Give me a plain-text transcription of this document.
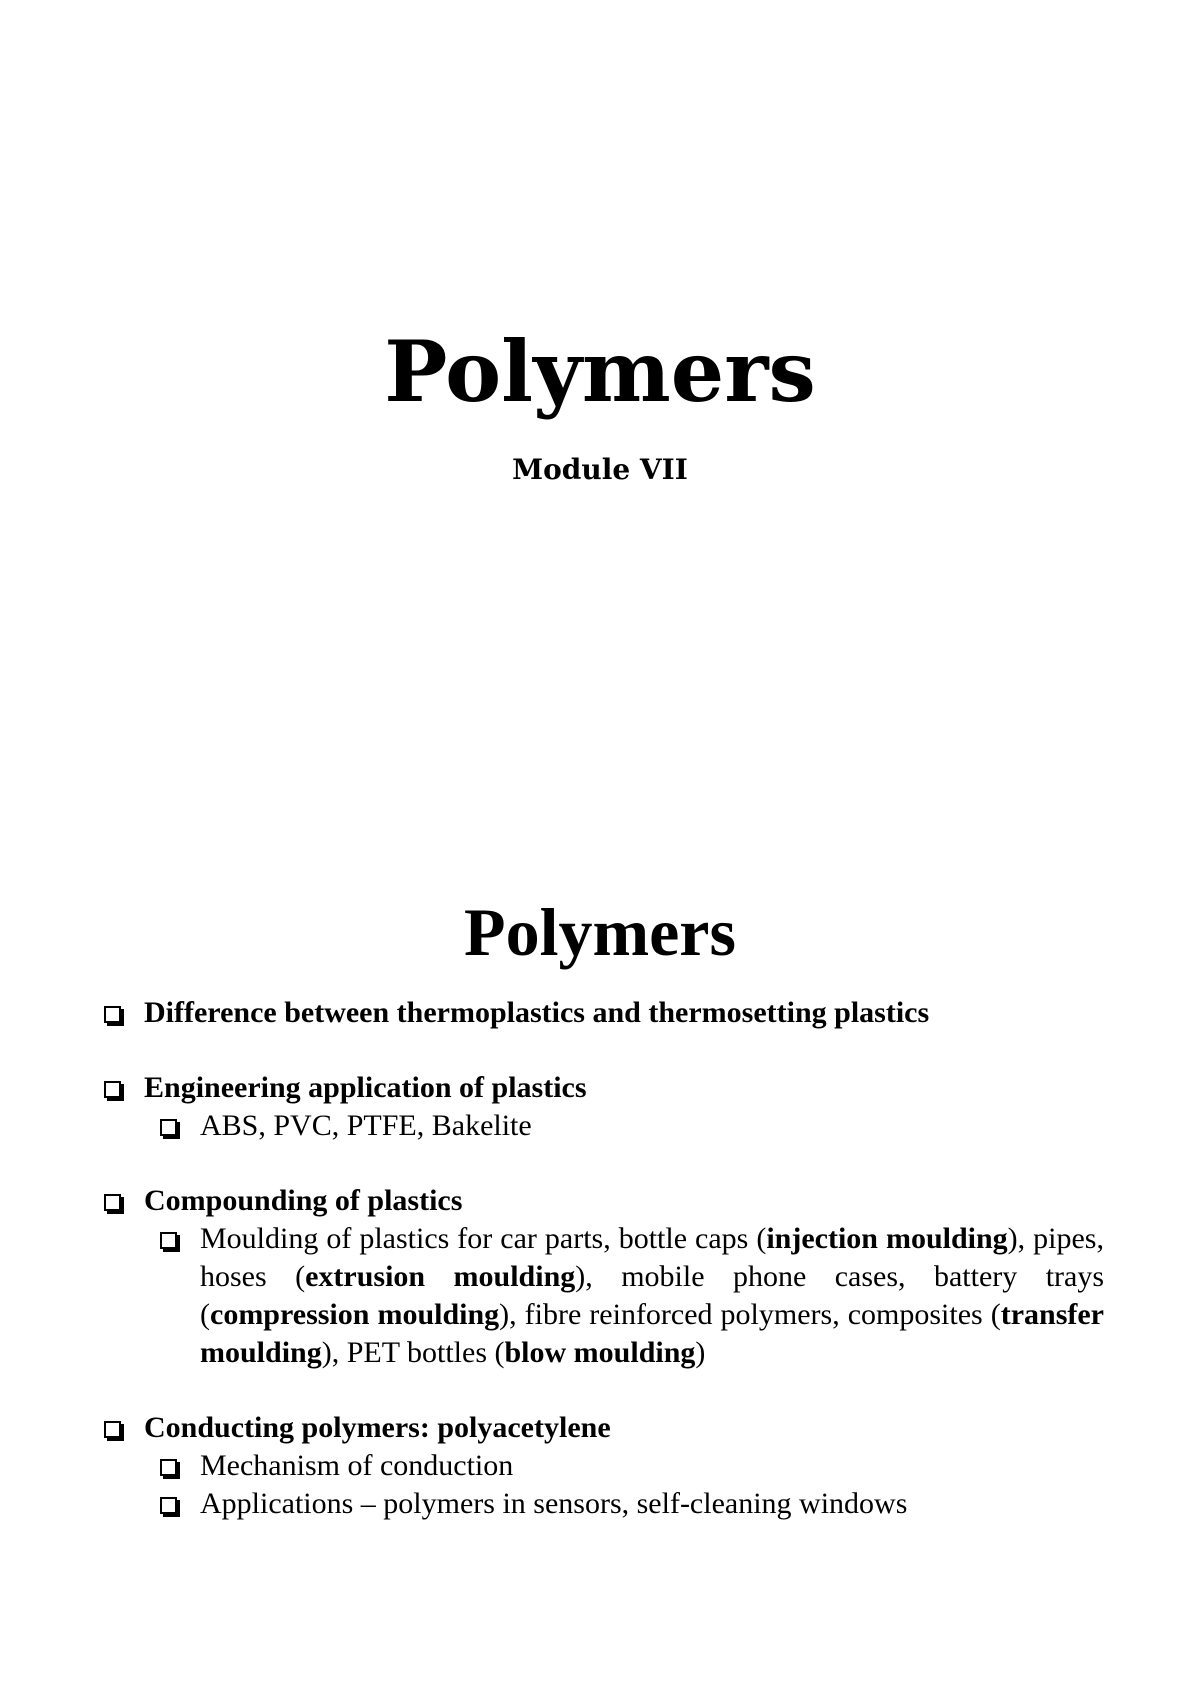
Polymers
Module VII
Polymers
Difference between thermoplastics and thermosetting plastics
Engineering application of plastics
ABS, PVC, PTFE, Bakelite
Compounding of plastics
Moulding of plastics for car parts, bottle caps (injection moulding), pipes, hoses (extrusion moulding), mobile phone cases, battery trays (compression moulding), fibre reinforced polymers, composites (transfer moulding), PET bottles (blow moulding)
Conducting polymers: polyacetylene
Mechanism of conduction
Applications – polymers in sensors, self-cleaning windows
